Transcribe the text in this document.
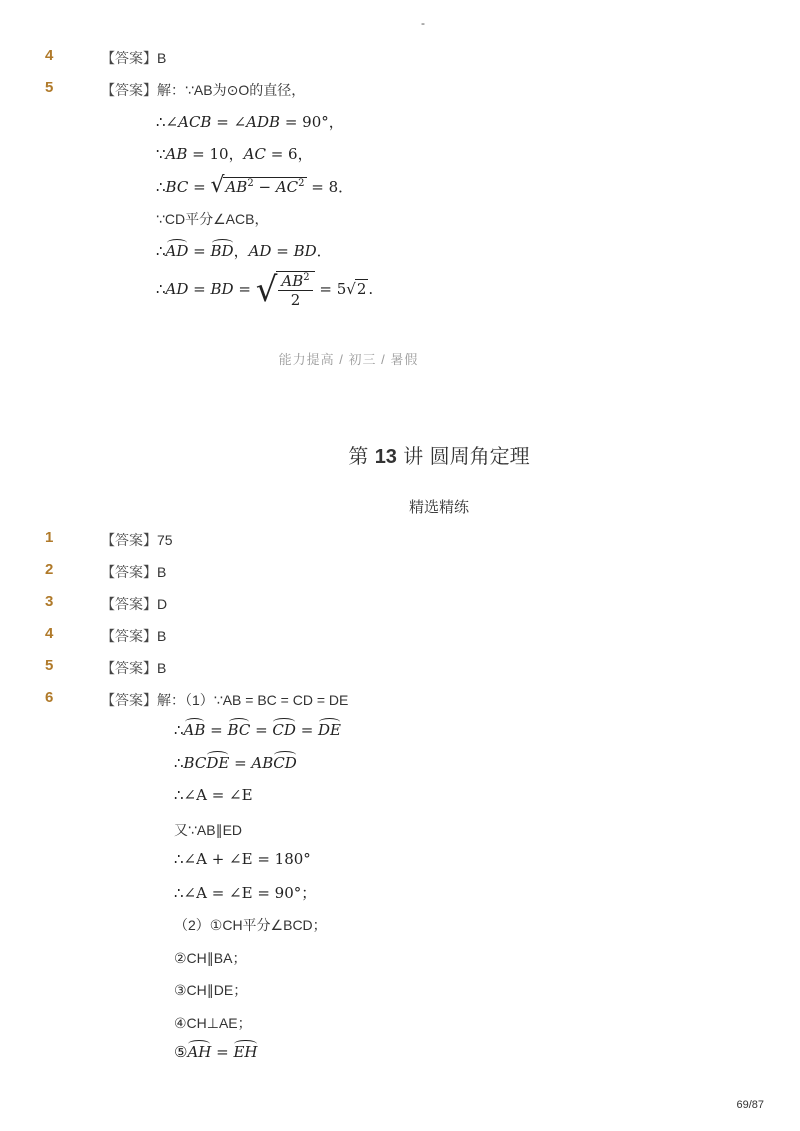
-
4	【答案】B
5	【答案】解：∵AB为⊙O的直径，
∴∠ACB = ∠ADB = 90°，
∵AB = 10，AC = 6，
∴BC = $√AB^2 - AC^2 = 8$．
∵CD平分∠ACB，
∴AD = BD，AD = BD．
∴AD = BD = √ $\frac{AB^2}{2} = 5√2$ .
能力提高 / 初三 / 暑假
第 13 讲 圆周角定理
精选精练
1	【答案】75
2	【答案】B
3	【答案】D
4	【答案】B
5	【答案】B
6	【答案】解：（1）∵AB = BC = CD = DE
∴AB = BC = CD = DE
∴BCDE = ABCD
∴∠A = ∠E
又∵AB∥ED
∴∠A + ∠E = 180°
∴∠A = ∠E = 90°；
（2）①CH平分∠BCD；
②CH∥BA；
③CH∥DE；
④CH⊥AE；
⑤AH = EH
69/87
